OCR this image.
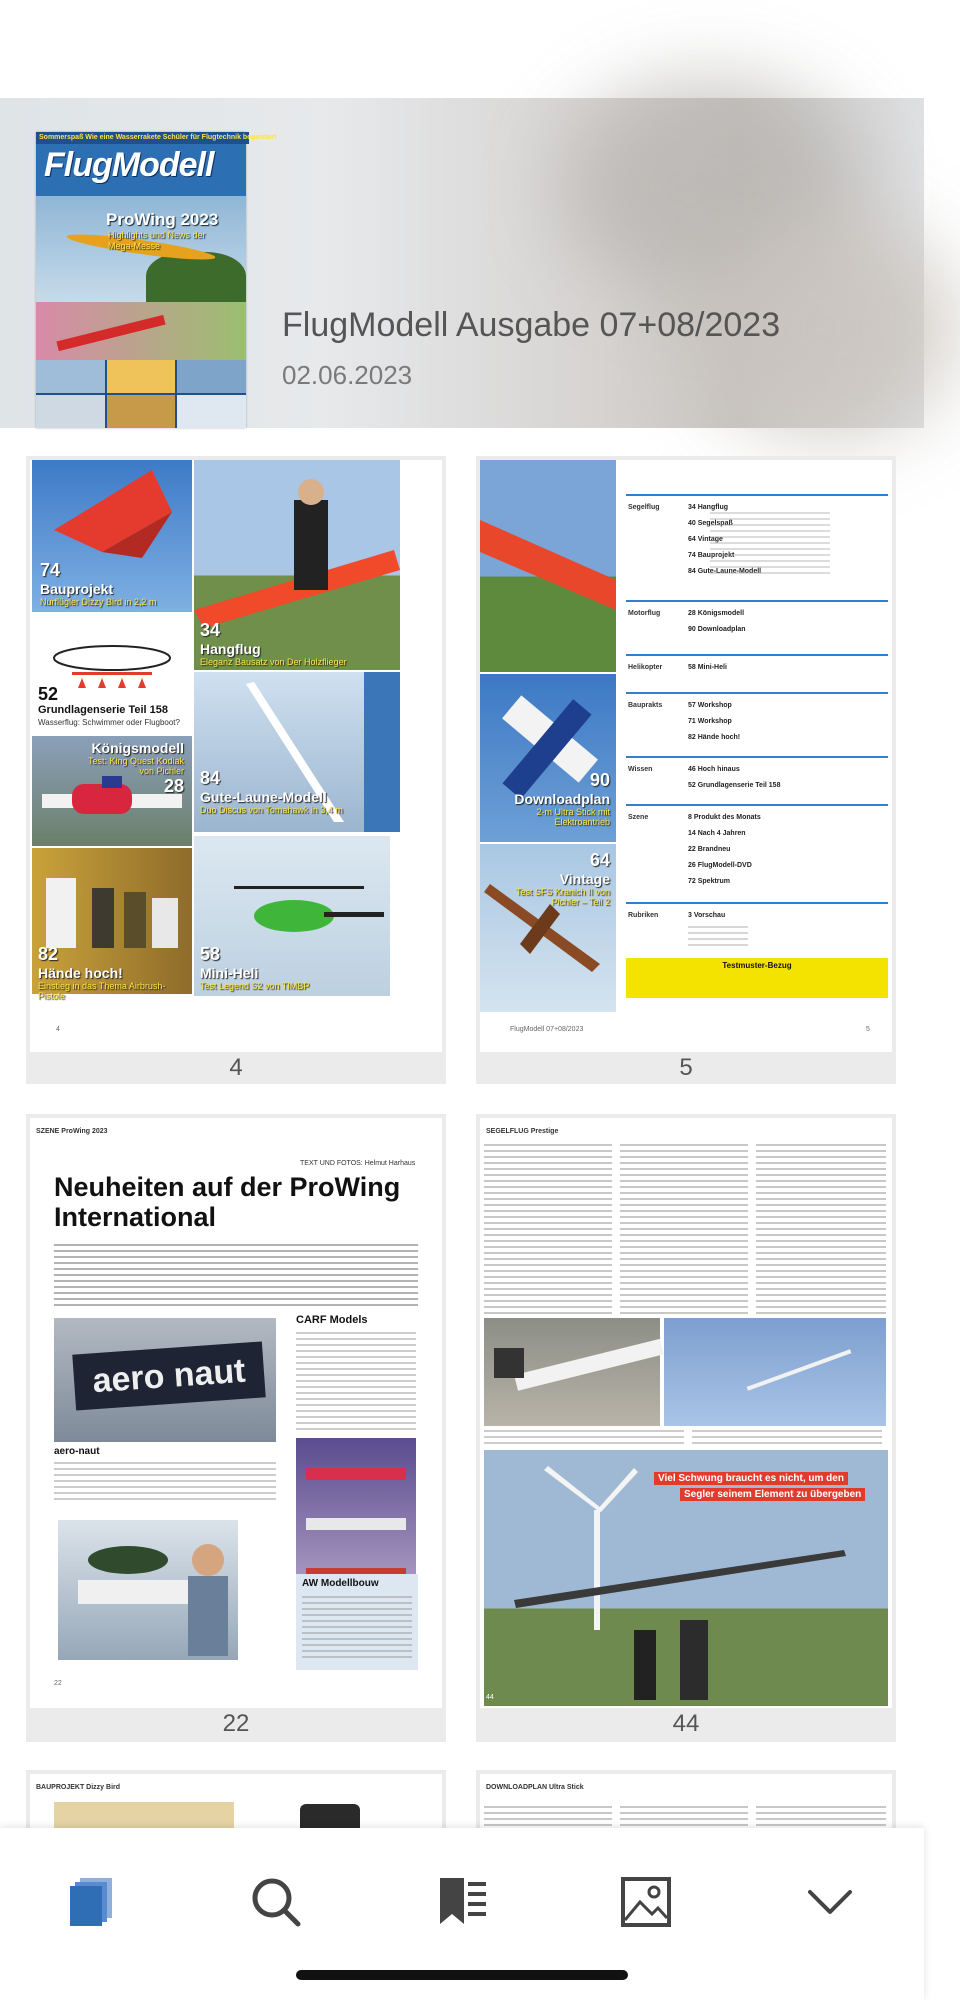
Sommerspaß Wie eine Wasserrakete Schüler für Flugtechnik begeistert
FlugModell
ProWing 2023
Highlights und News der Mega-Messe
FlugModell Ausgabe 07+08/2023
02.06.2023
74
Bauprojekt
Nurflügler Dizzy Bird in 2,2 m
34
Hangflug
Eleganz Bausatz von Der Holzflieger
52
Grundlagenserie Teil 158
Wasserflug: Schwimmer oder Flugboot?
Königsmodell
Test: King Quest Kodiak von Pichler
28 84
Gute-Laune-Modell
Duo Discus von Tomahawk in 3,4 m
82
Hände hoch!
Einstieg in das Thema Airbrush-Pistole
58
Mini-Heli
Test Legend S2 von TIMBP
4
4
90
Downloadplan
2-m Ultra Stick mit Elektroantrieb
64
Vintage
Test SFS Kranich II von Pichler – Teil 2
Segelflug	34 Hangflug
40 Segelspaß
64 Vintage
74 Bauprojekt
84 Gute-Laune-Modell
Motorflug	28 Königsmodell
90 Downloadplan
Helikopter	58 Mini-Heli
Bauprakts	57 Workshop
71 Workshop
82 Hände hoch!
Wissen	46 Hoch hinaus
52 Grundlagenserie Teil 158
Szene	8 Produkt des Monats
14 Nach 4 Jahren
22 Brandneu
26 FlugModell-DVD
72 Spektrum
Rubriken	3 Vorschau
Testmuster-Bezug
FlugModell 07+08/2023	5
5
SZENE ProWing 2023
TEXT UND FOTOS: Helmut Harhaus
Neuheiten auf der ProWing International
aero naut
aero-naut
CARF Models
AW Modellbouw
22
22
SEGELFLUG Prestige
Viel Schwung braucht es nicht, um den
Segler seinem Element zu übergeben
44
44
BAUPROJEKT Dizzy Bird	DOWNLOADPLAN Ultra Stick
